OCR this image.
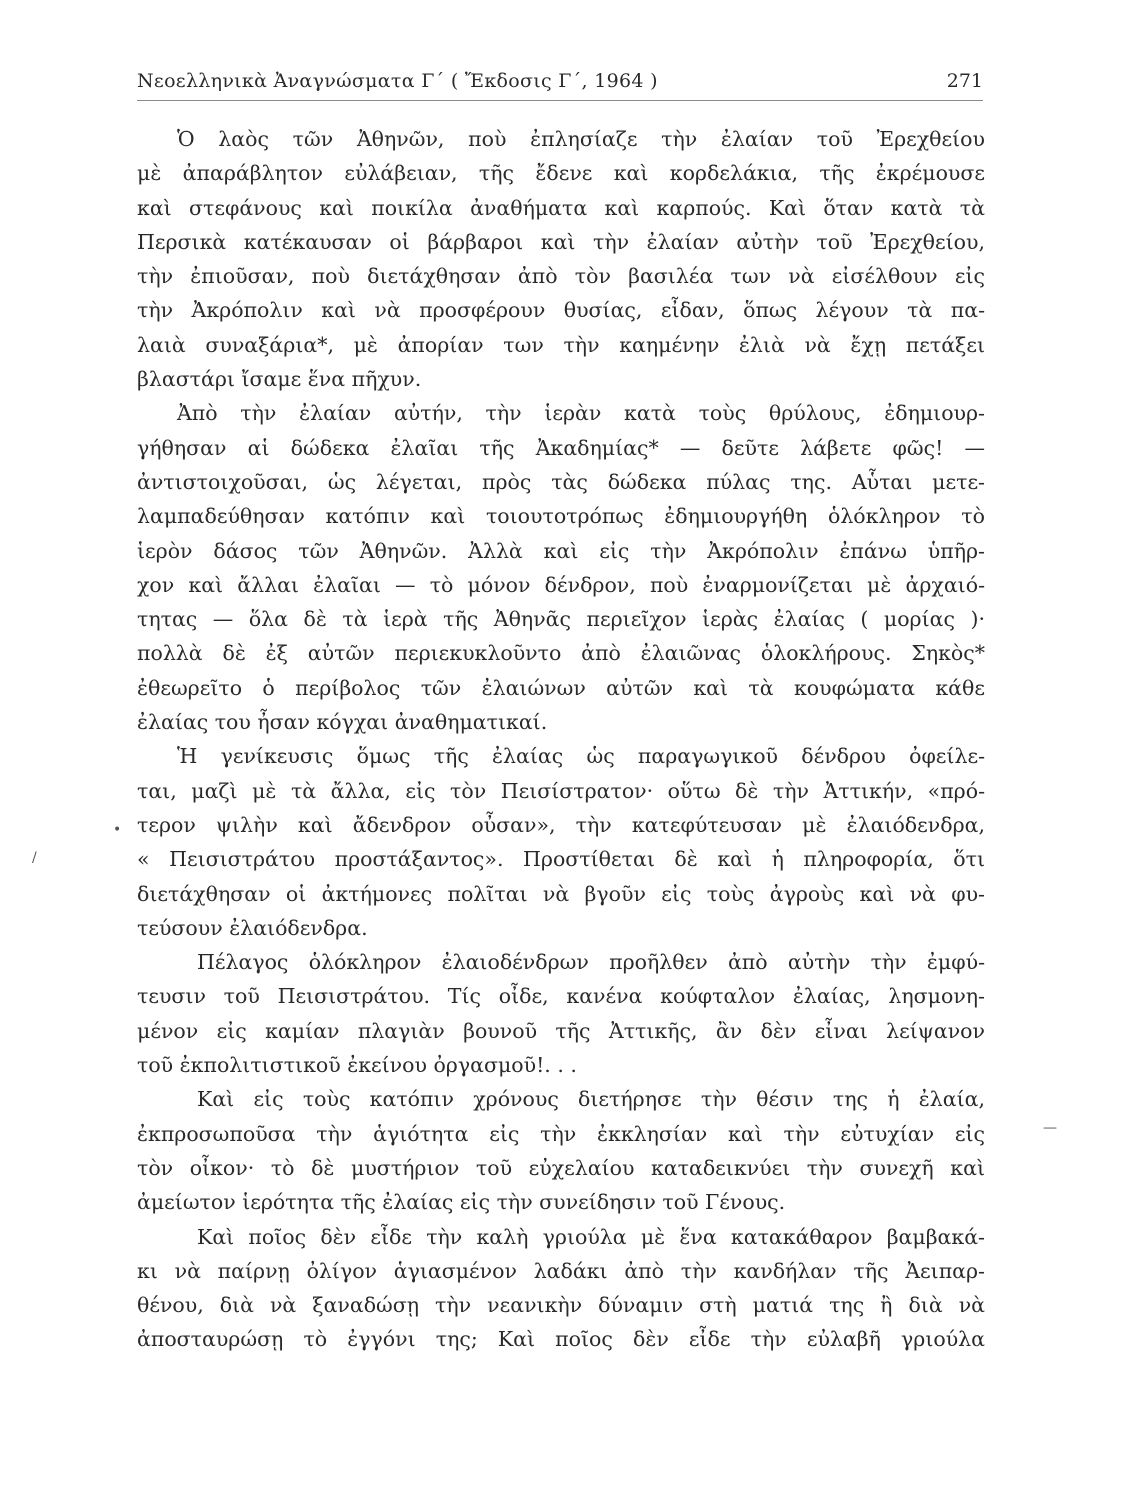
Νεοελληνικὰ Ἀναγνώσματα Γ΄ ( Ἔκδοσις Γ΄, 1964 )	271
Ὁ λαὸς τῶν Ἀθηνῶν, ποὺ ἐπλησίαζε τὴν ἐλαίαν τοῦ Ἐρεχθείου
μὲ ἀπαράβλητον εὐλάβειαν, τῆς ἔδενε καὶ κορδελάκια, τῆς ἐκρέμουσε
καὶ στεφάνους καὶ ποικίλα ἀναθήματα καὶ καρπούς. Καὶ ὅταν κατὰ τὰ
Περσικὰ κατέκαυσαν οἱ βάρβαροι καὶ τὴν ἐλαίαν αὐτὴν τοῦ Ἐρεχθείου,
τὴν ἐπιοῦσαν, ποὺ διετάχθησαν ἀπὸ τὸν βασιλέα των νὰ εἰσέλθουν εἰς
τὴν Ἀκρόπολιν καὶ νὰ προσφέρουν θυσίας, εἶδαν, ὅπως λέγουν τὰ πα-
λαιὰ συναξάρια*, μὲ ἀπορίαν των τὴν καημένην ἐλιὰ νὰ ἔχῃ πετάξει
βλαστάρι ἴσαμε ἕνα πῆχυν.
Ἀπὸ τὴν ἐλαίαν αὐτήν, τὴν ἱερὰν κατὰ τοὺς θρύλους, ἐδημιουρ-
γήθησαν αἱ δώδεκα ἐλαῖαι τῆς Ἀκαδημίας* — δεῦτε λάβετε φῶς! —
ἀντιστοιχοῦσαι, ὡς λέγεται, πρὸς τὰς δώδεκα πύλας της. Αὗται μετε-
λαμπαδεύθησαν κατόπιν καὶ τοιουτοτρόπως ἐδημιουργήθη ὁλόκληρον τὸ
ἱερὸν δάσος τῶν Ἀθηνῶν. Ἀλλὰ καὶ εἰς τὴν Ἀκρόπολιν ἐπάνω ὑπῆρ-
χον καὶ ἄλλαι ἐλαῖαι — τὸ μόνον δένδρον, ποὺ ἐναρμονίζεται μὲ ἀρχαιό-
τητας — ὅλα δὲ τὰ ἱερὰ τῆς Ἀθηνᾶς περιεῖχον ἱερὰς ἐλαίας ( μορίας )·
πολλὰ δὲ ἐξ αὐτῶν περιεκυκλοῦντο ἀπὸ ἐλαιῶνας ὁλοκλήρους. Σηκὸς*
ἐθεωρεῖτο ὁ περίβολος τῶν ἐλαιώνων αὐτῶν καὶ τὰ κουφώματα κάθε
ἐλαίας του ἦσαν κόγχαι ἀναθηματικαί.
Ἡ γενίκευσις ὅμως τῆς ἐλαίας ὡς παραγωγικοῦ δένδρου ὀφείλε-
ται, μαζὶ μὲ τὰ ἄλλα, εἰς τὸν Πεισίστρατον· οὕτω δὲ τὴν Ἀττικήν, «πρό-
τερον ψιλὴν καὶ ἄδενδρον οὖσαν», τὴν κατεφύτευσαν μὲ ἐλαιόδενδρα,
« Πεισιστράτου προστάξαντος». Προστίθεται δὲ καὶ ἡ πληροφορία, ὅτι
διετάχθησαν οἱ ἀκτήμονες πολῖται νὰ βγοῦν εἰς τοὺς ἀγροὺς καὶ νὰ φυ-
τεύσουν ἐλαιόδενδρα.
Πέλαγος ὁλόκληρον ἐλαιοδένδρων προῆλθεν ἀπὸ αὐτὴν τὴν ἐμφύ-
τευσιν τοῦ Πεισιστράτου. Τίς οἶδε, κανένα κούφταλον ἐλαίας, λησμονη-
μένον εἰς καμίαν πλαγιὰν βουνοῦ τῆς Ἀττικῆς, ἂν δὲν εἶναι λείψανον
τοῦ ἐκπολιτιστικοῦ ἐκείνου ὀργασμοῦ!. . .
Καὶ εἰς τοὺς κατόπιν χρόνους διετήρησε τὴν θέσιν της ἡ ἐλαία,
ἐκπροσωποῦσα τὴν ἁγιότητα εἰς τὴν ἐκκλησίαν καὶ τὴν εὐτυχίαν εἰς
τὸν οἶκον· τὸ δὲ μυστήριον τοῦ εὐχελαίου καταδεικνύει τὴν συνεχῆ καὶ
ἀμείωτον ἱερότητα τῆς ἐλαίας εἰς τὴν συνείδησιν τοῦ Γένους.
Καὶ ποῖος δὲν εἶδε τὴν καλὴ γριούλα μὲ ἕνα κατακάθαρον βαμβακά-
κι νὰ παίρνῃ ὀλίγον ἁγιασμένον λαδάκι ἀπὸ τὴν κανδήλαν τῆς Ἀειπαρ-
θένου, διὰ νὰ ξαναδώσῃ τὴν νεανικὴν δύναμιν στὴ ματιά της ἢ διὰ νὰ
ἀποσταυρώσῃ τὸ ἐγγόνι της; Καὶ ποῖος δὲν εἶδε τὴν εὐλαβῆ γριούλα
•
/
—
